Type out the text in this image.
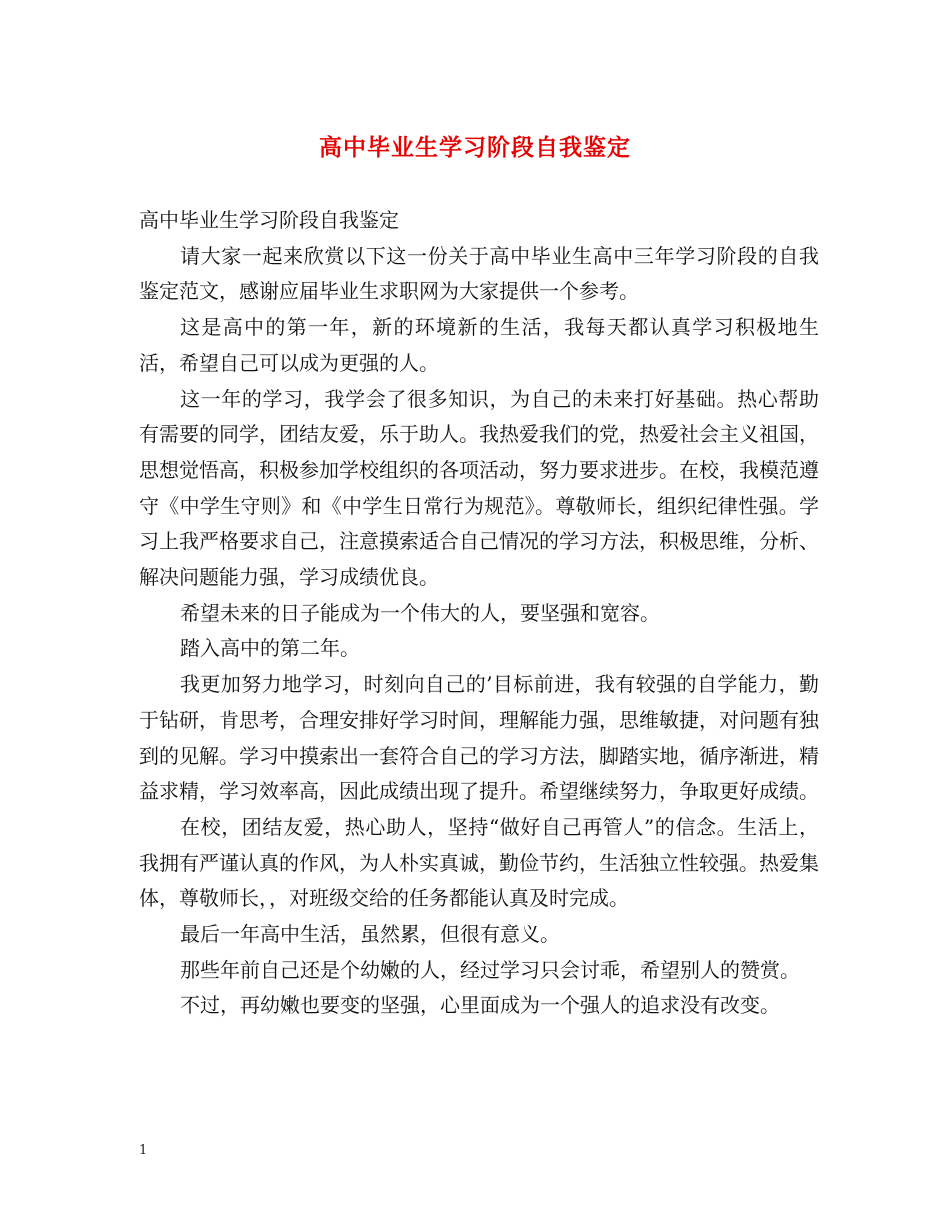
高中毕业生学习阶段自我鉴定

高中毕业生学习阶段自我鉴定

请大家一起来欣赏以下这一份关于高中毕业生高中三年学习阶段的自我鉴定范文，感谢应届毕业生求职网为大家提供一个参考。

这是高中的第一年，新的环境新的生活，我每天都认真学习积极地生活，希望自己可以成为更强的人。

这一年的学习，我学会了很多知识，为自己的未来打好基础。热心帮助有需要的同学，团结友爱，乐于助人。我热爱我们的党，热爱社会主义祖国，思想觉悟高，积极参加学校组织的各项活动，努力要求进步。在校，我模范遵守《中学生守则》和《中学生日常行为规范》。尊敬师长，组织纪律性强。学习上我严格要求自己，注意摸索适合自己情况的学习方法，积极思维，分析、解决问题能力强，学习成绩优良。

希望未来的日子能成为一个伟大的人，要坚强和宽容。

踏入高中的第二年。

我更加努力地学习，时刻向自己的’目标前进，我有较强的自学能力，勤于钻研，肯思考，合理安排好学习时间，理解能力强，思维敏捷，对问题有独到的见解。学习中摸索出一套符合自己的学习方法，脚踏实地，循序渐进，精益求精，学习效率高，因此成绩出现了提升。希望继续努力，争取更好成绩。

在校，团结友爱，热心助人，坚持“做好自己再管人”的信念。生活上，我拥有严谨认真的作风，为人朴实真诚，勤俭节约，生活独立性较强。热爱集体，尊敬师长，，对班级交给的任务都能认真及时完成。

最后一年高中生活，虽然累，但很有意义。

那些年前自己还是个幼嫩的人，经过学习只会讨乖，希望别人的赞赏。

不过，再幼嫩也要变的坚强，心里面成为一个强人的追求没有改变。

1
